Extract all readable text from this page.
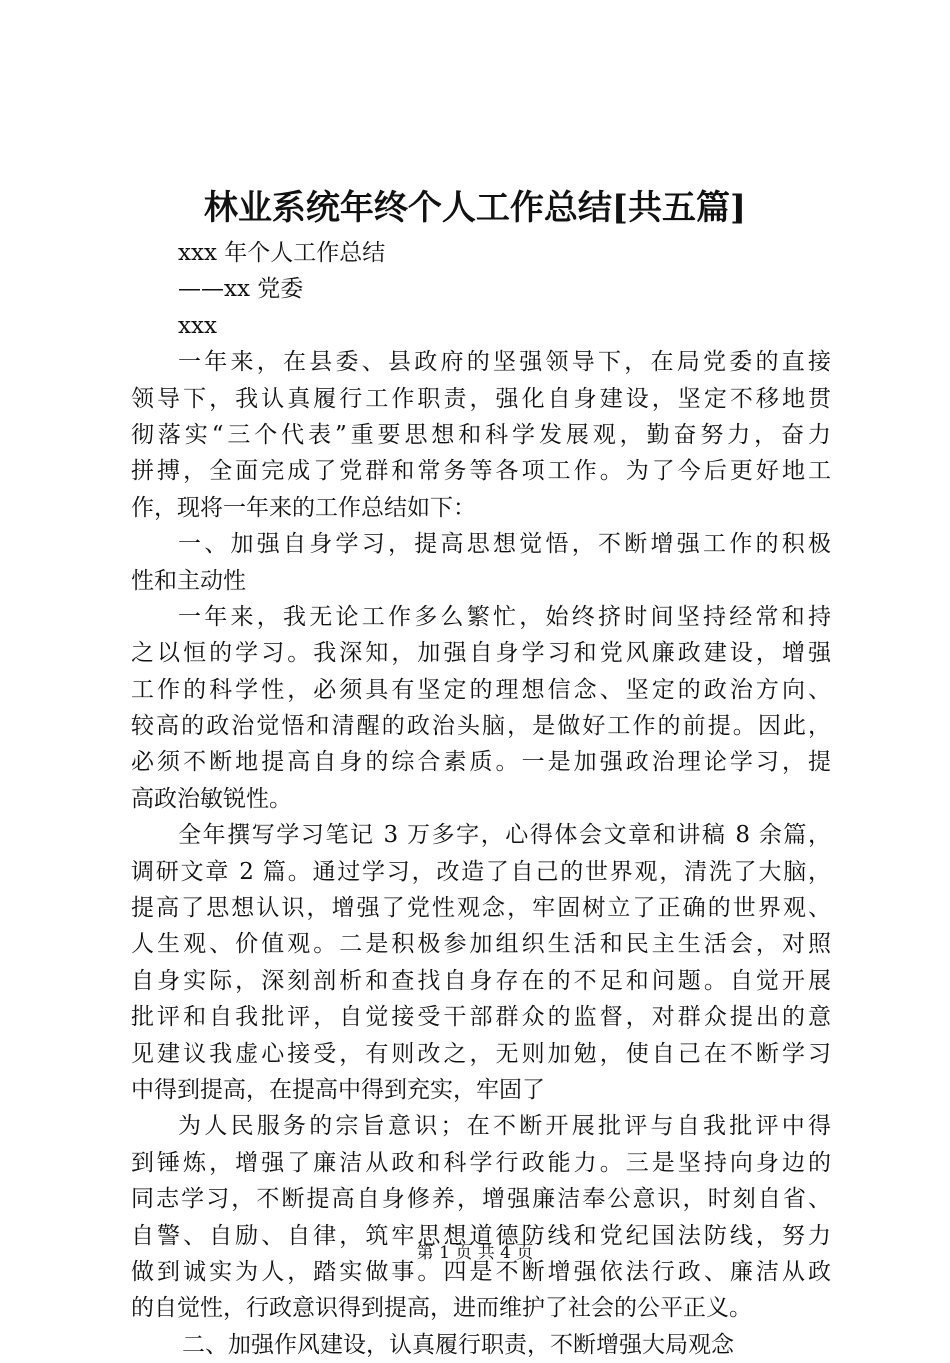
林业系统年终个人工作总结[共五篇]
xxx 年个人工作总结
——xx 党委
xxx
一年来，在县委、县政府的坚强领导下，在局党委的直接
领导下，我认真履行工作职责，强化自身建设，坚定不移地贯
彻落实“三个代表”重要思想和科学发展观，勤奋努力，奋力
拼搏，全面完成了党群和常务等各项工作。为了今后更好地工
作，现将一年来的工作总结如下：
一、加强自身学习，提高思想觉悟，不断增强工作的积极
性和主动性
一年来，我无论工作多么繁忙，始终挤时间坚持经常和持
之以恒的学习。我深知，加强自身学习和党风廉政建设，增强
工作的科学性，必须具有坚定的理想信念、坚定的政治方向、
较高的政治觉悟和清醒的政治头脑，是做好工作的前提。因此，
必须不断地提高自身的综合素质。一是加强政治理论学习，提
高政治敏锐性。
全年撰写学习笔记 3 万多字，心得体会文章和讲稿 8 余篇，
调研文章 2 篇。通过学习，改造了自己的世界观，清洗了大脑，
提高了思想认识，增强了党性观念，牢固树立了正确的世界观、
人生观、价值观。二是积极参加组织生活和民主生活会，对照
自身实际，深刻剖析和查找自身存在的不足和问题。自觉开展
批评和自我批评，自觉接受干部群众的监督，对群众提出的意
见建议我虚心接受，有则改之，无则加勉，使自己在不断学习
中得到提高，在提高中得到充实，牢固了
为人民服务的宗旨意识；在不断开展批评与自我批评中得
到锤炼，增强了廉洁从政和科学行政能力。三是坚持向身边的
同志学习，不断提高自身修养，增强廉洁奉公意识，时刻自省、
自警、自励、自律，筑牢思想道德防线和党纪国法防线，努力
做到诚实为人，踏实做事。四是不断增强依法行政、廉洁从政
的自觉性，行政意识得到提高，进而维护了社会的公平正义。
二、加强作风建设，认真履行职责，不断增强大局观念
第 1 页 共 4 页
